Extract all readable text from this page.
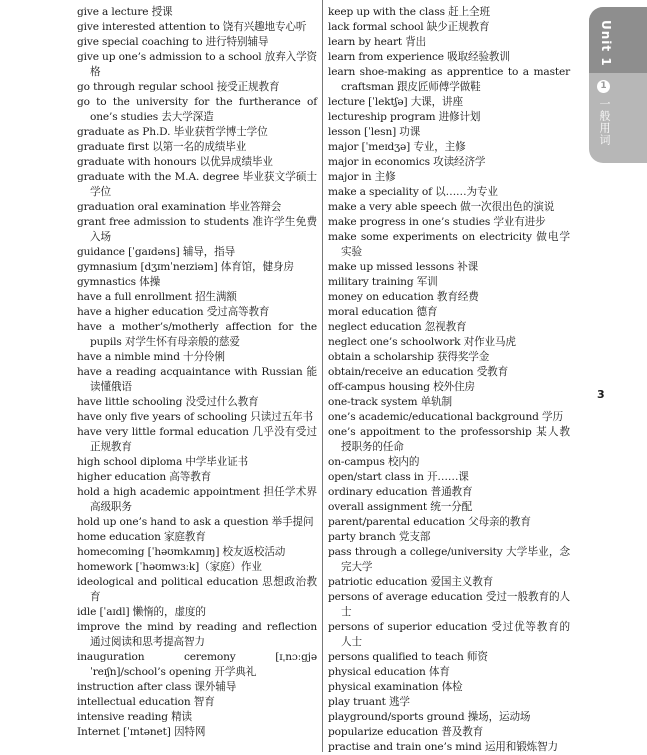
give a lecture 授课
give interested attention to 饶有兴趣地专心听
give special coaching to 进行特别辅导
give up one’s admission to a school 放弃入学资格
go through regular school 接受正规教育
go to the university for the furtherance of one’s studies 去大学深造
graduate as Ph.D. 毕业获哲学博士学位
graduate first 以第一名的成绩毕业
graduate with honours 以优异成绩毕业
graduate with the M.A. degree 毕业获文学硕士学位
graduation oral examination 毕业答辩会
grant free admission to students 准许学生免费入场
guidance [ˈgaɪdəns] 辅导，指导
gymnasium [dʒɪmˈneɪziəm] 体育馆，健身房
gymnastics 体操
have a full enrollment 招生满额
have a higher education 受过高等教育
have a mother’s/motherly affection for the pupils 对学生怀有母亲般的慈爱
have a nimble mind 十分伶俐
have a reading acquaintance with Russian 能读懂俄语
have little schooling 没受过什么教育
have only five years of schooling 只读过五年书
have very little formal education 几乎没有受过正规教育
high school diploma 中学毕业证书
higher education 高等教育
hold a high academic appointment 担任学术界高级职务
hold up one’s hand to ask a question 举手提问
home education 家庭教育
homecoming [ˈhəʊmkʌmɪŋ] 校友返校活动
homework [ˈhəʊmwɜːk]（家庭）作业
ideological and political education 思想政治教育
idle [ˈaɪdl] 懒惰的，虚度的
improve the mind by reading and reflection 通过阅读和思考提高智力
inauguration ceremony [ɪˌnɔːgjəˈreɪʃn]/school’s opening 开学典礼
instruction after class 课外辅导
intellectual education 智育
intensive reading 精读
Internet [ˈɪntənet] 因特网
keep up with the class 赶上全班
lack formal school 缺少正规教育
learn by heart 背出
learn from experience 吸取经验教训
learn shoe-making as apprentice to a master craftsman 跟皮匠师傅学做鞋
lecture [ˈlektʃə] 大课，讲座
lectureship program 进修计划
lesson [ˈlesn] 功课
major [ˈmeɪdʒə] 专业，主修
major in economics 攻读经济学
major in 主修
make a speciality of 以……为专业
make a very able speech 做一次很出色的演说
make progress in one’s studies 学业有进步
make some experiments on electricity 做电学实验
make up missed lessons 补课
military training 军训
money on education 教育经费
moral education 德育
neglect education 忽视教育
neglect one’s schoolwork 对作业马虎
obtain a scholarship 获得奖学金
obtain/receive an education 受教育
off-campus housing 校外住房
one-track system 单轨制
one’s academic/educational background 学历
one’s appoitment to the professorship 某人教授职务的任命
on-campus 校内的
open/start class in 开……课
ordinary education 普通教育
overall assignment 统一分配
parent/parental education 父母亲的教育
party branch 党支部
pass through a college/university 大学毕业，念完大学
patriotic education 爱国主义教育
persons of average education 受过一般教育的人士
persons of superior education 受过优等教育的人士
persons qualified to teach 师资
physical education 体育
physical examination 体检
play truant 逃学
playground/sports ground 操场，运动场
popularize education 普及教育
practise and train one’s mind 运用和锻炼智力
Unit 1
1
一般用词
3
